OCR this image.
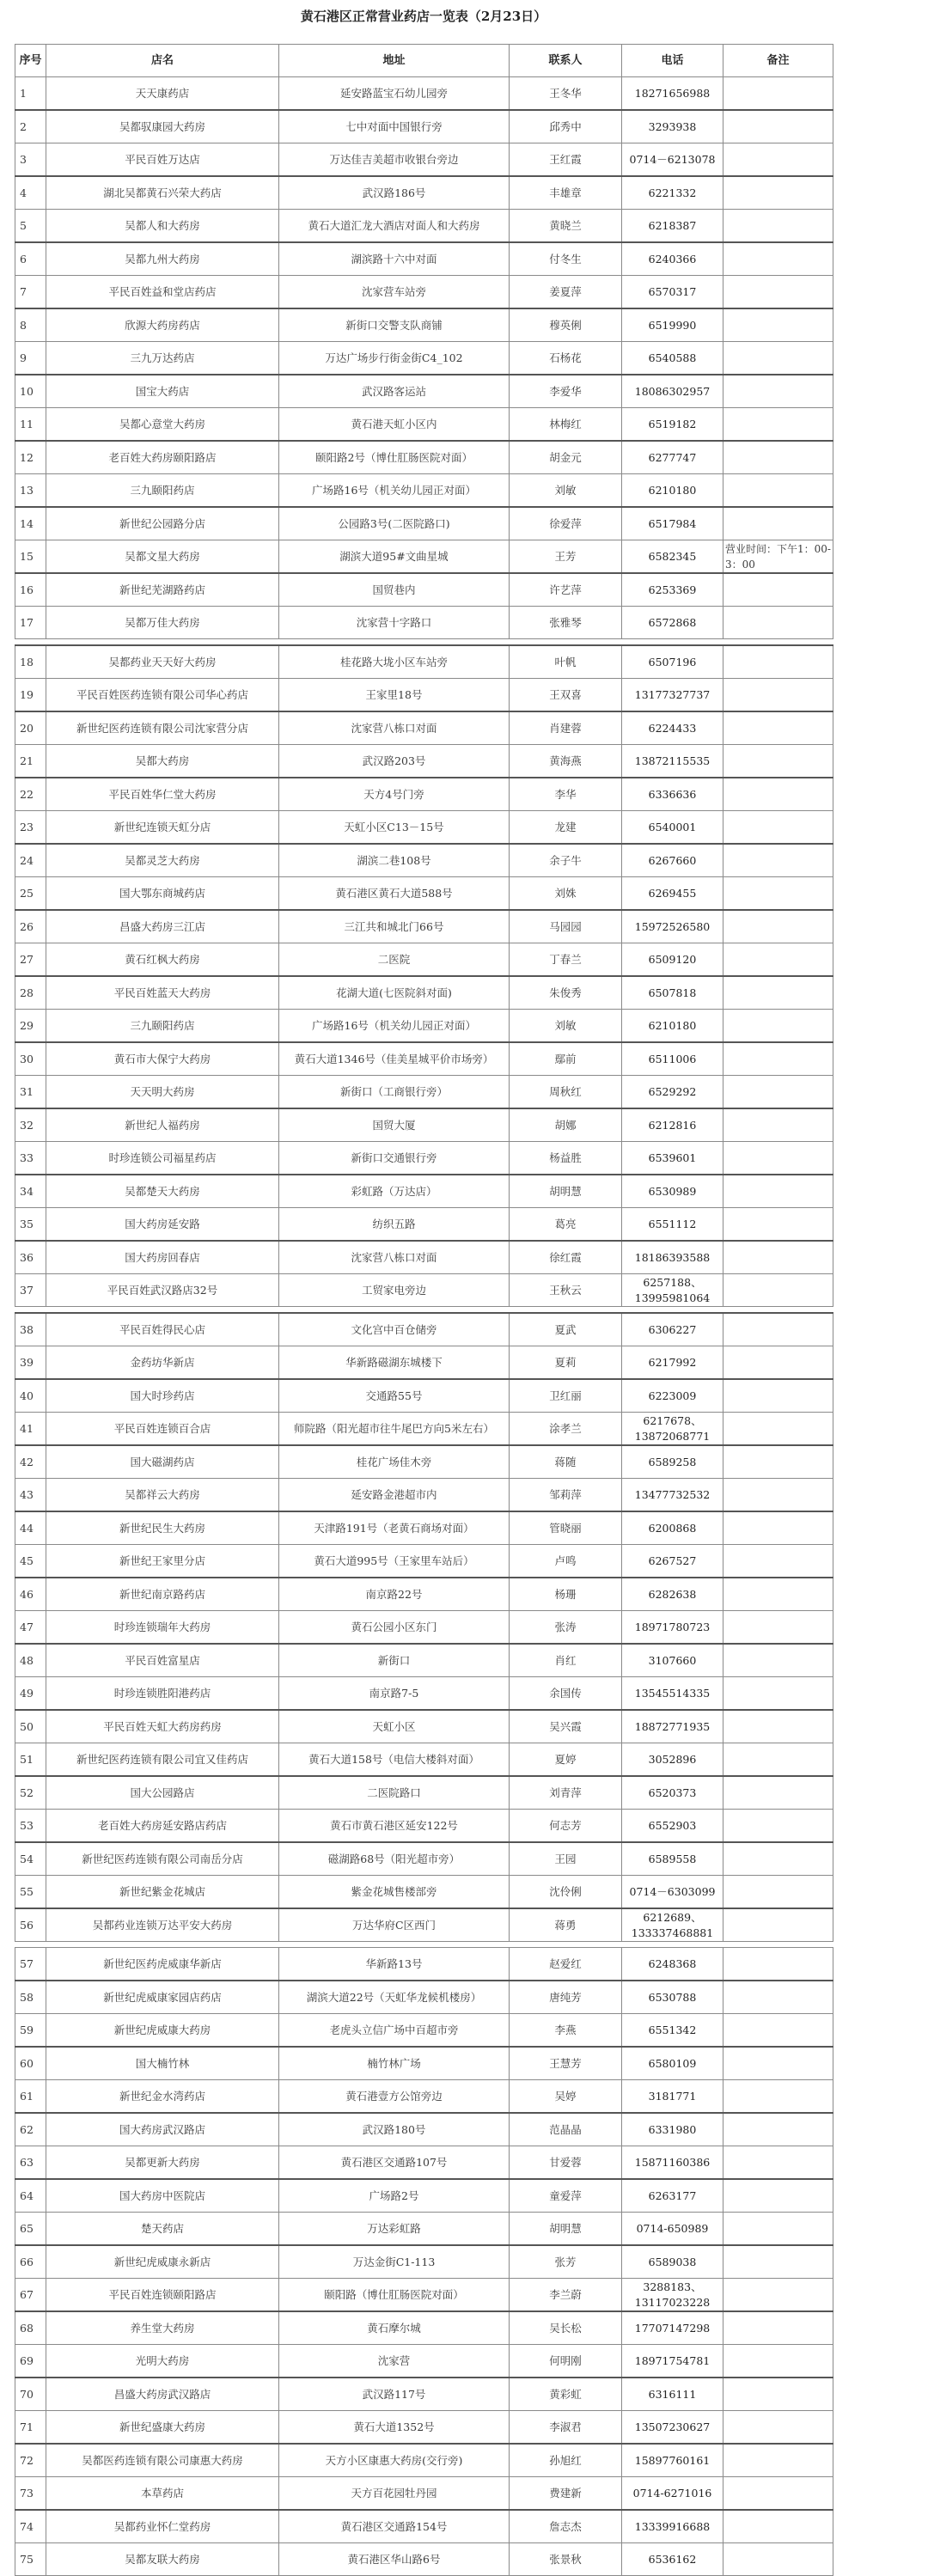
黄石港区正常营业药店一览表（2月23日）
序号	店名	地址	联系人	电话	备注
1	天天康药店	延安路蓝宝石幼儿园旁	王冬华	18271656988	
2	吴都驭康园大药房	七中对面中国银行旁	邱秀中	3293938	
3	平民百姓万达店	万达佳吉美超市收银台旁边	王红霞	0714－6213078	
4	湖北吴都黄石兴荣大药店	武汉路186号	丰雄章	6221332	
5	吴都人和大药房	黄石大道汇龙大酒店对面人和大药房	黄晓兰	6218387	
6	吴都九州大药房	湖滨路十六中对面	付冬生	6240366	
7	平民百姓益和堂店药店	沈家营车站旁	姜夏萍	6570317	
8	欣源大药房药店	新街口交警支队商铺	穆英俐	6519990	
9	三九万达药店	万达广场步行街金街C4_102	石杨花	6540588	
10	国宝大药店	武汉路客运站	李爱华	18086302957	
11	吴都心意堂大药房	黄石港天虹小区内	林梅红	6519182	
12	老百姓大药房颐阳路店	颐阳路2号（博仕肛肠医院对面）	胡金元	6277747	
13	三九颐阳药店	广场路16号（机关幼儿园正对面）	刘敏	6210180	
14	新世纪公园路分店	公园路3号(二医院路口)	徐爱萍	6517984	
15	吴都文星大药房	湖滨大道95#文曲星城	王芳	6582345	营业时间：下午1：00-3：00
16	新世纪芜湖路药店	国贸巷内	许艺萍	6253369	
17	吴都万佳大药房	沈家营十字路口	张雅琴	6572868	

18	吴都药业天天好大药房	桂花路大垅小区车站旁	叶帆	6507196	
19	平民百姓医药连锁有限公司华心药店	王家里18号	王双喜	13177327737	
20	新世纪医药连锁有限公司沈家营分店	沈家营八栋口对面	肖建蓉	6224433	
21	吴都大药房	武汉路203号	黄海燕	13872115535	
22	平民百姓华仁堂大药房	天方4号门旁	李华	6336636	
23	新世纪连锁天虹分店	天虹小区C13－15号	龙建	6540001	
24	吴都灵芝大药房	湖滨二巷108号	余子牛	6267660	
25	国大鄂东商城药店	黄石港区黄石大道588号	刘姝	6269455	
26	昌盛大药房三江店	三江共和城北门66号	马园园	15972526580	
27	黄石红枫大药房	二医院	丁春兰	6509120	
28	平民百姓蓝天大药房	花湖大道(七医院斜对面)	朱俊秀	6507818	
29	三九颐阳药店	广场路16号（机关幼儿园正对面）	刘敏	6210180	
30	黄石市大保宁大药房	黄石大道1346号（佳美星城平价市场旁）	鄢前	6511006	
31	天天明大药房	新街口（工商银行旁）	周秋红	6529292	
32	新世纪人福药房	国贸大厦	胡娜	6212816	
33	时珍连锁公司福星药店	新街口交通银行旁	杨益胜	6539601	
34	吴都楚天大药房	彩虹路（万达店）	胡明慧	6530989	
35	国大药房延安路	纺织五路	葛亮	6551112	
36	国大药房回春店	沈家营八栋口对面	徐红霞	18186393588	
37	平民百姓武汉路店32号	工贸家电旁边	王秋云	6257188、13995981064	

38	平民百姓得民心店	文化宫中百仓储旁	夏武	6306227	
39	金药坊华新店	华新路磁湖东城楼下	夏莉	6217992	
40	国大时珍药店	交通路55号	卫红丽	6223009	
41	平民百姓连锁百合店	师院路（阳光超市往牛尾巴方向5米左右）	涂孝兰	6217678、13872068771	
42	国大磁湖药店	桂花广场佳木旁	蒋随	6589258	
43	吴都祥云大药房	延安路金港超市内	邹莉萍	13477732532	
44	新世纪民生大药房	天津路191号（老黄石商场对面）	管晓丽	6200868	
45	新世纪王家里分店	黄石大道995号（王家里车站后）	卢鸣	6267527	
46	新世纪南京路药店	南京路22号	杨珊	6282638	
47	时珍连锁瑞年大药房	黄石公园小区东门	张涛	18971780723	
48	平民百姓富星店	新街口	肖红	3107660	
49	时珍连锁胜阳港药店	南京路7-5	余国传	13545514335	
50	平民百姓天虹大药房药房	天虹小区	吴兴霞	18872771935	
51	新世纪医药连锁有限公司宜又佳药店	黄石大道158号（电信大楼斜对面）	夏婷	3052896	
52	国大公园路店	二医院路口	刘青萍	6520373	
53	老百姓大药房延安路店药店	黄石市黄石港区延安122号	何志芳	6552903	
54	新世纪医药连锁有限公司南岳分店	磁湖路68号（阳光超市旁）	王园	6589558	
55	新世纪紫金花城店	紫金花城售楼部旁	沈伶俐	0714－6303099	
56	吴都药业连锁万达平安大药房	万达华府C区西门	蒋勇	6212689、133337468881	

57	新世纪医药虎威康华新店	华新路13号	赵爱红	6248368	
58	新世纪虎威康家园店药店	湖滨大道22号（天虹华龙候机楼房）	唐纯芳	6530788	
59	新世纪虎威康大药房	老虎头立信广场中百超市旁	李燕	6551342	
60	国大楠竹林	楠竹林广场	王慧芳	6580109	
61	新世纪金水湾药店	黄石港壹方公馆旁边	吴婷	3181771	
62	国大药房武汉路店	武汉路180号	范晶晶	6331980	
63	吴都更新大药房	黄石港区交通路107号	甘爱蓉	15871160386	
64	国大药房中医院店	广场路2号	童爱萍	6263177	
65	楚天药店	万达彩虹路	胡明慧	0714-650989	
66	新世纪虎威康永新店	万达金街C1-113	张芳	6589038	
67	平民百姓连锁颐阳路店	颐阳路（博仕肛肠医院对面）	李兰蔚	3288183、13117023228	
68	养生堂大药房	黄石摩尔城	吴长松	17707147298	
69	光明大药房	沈家营	何明刚	18971754781	
70	昌盛大药房武汉路店	武汉路117号	黄彩虹	6316111	
71	新世纪盛康大药房	黄石大道1352号	李淑君	13507230627	
72	吴都医药连锁有限公司康惠大药房	天方小区康惠大药房(交行旁)	孙旭红	15897760161	
73	本草药店	天方百花园牡丹园	费建新	0714-6271016	
74	吴都药业怀仁堂药房	黄石港区交通路154号	詹志杰	13339916688	
75	吴都友联大药房	黄石港区华山路6号	张景秋	6536162	
